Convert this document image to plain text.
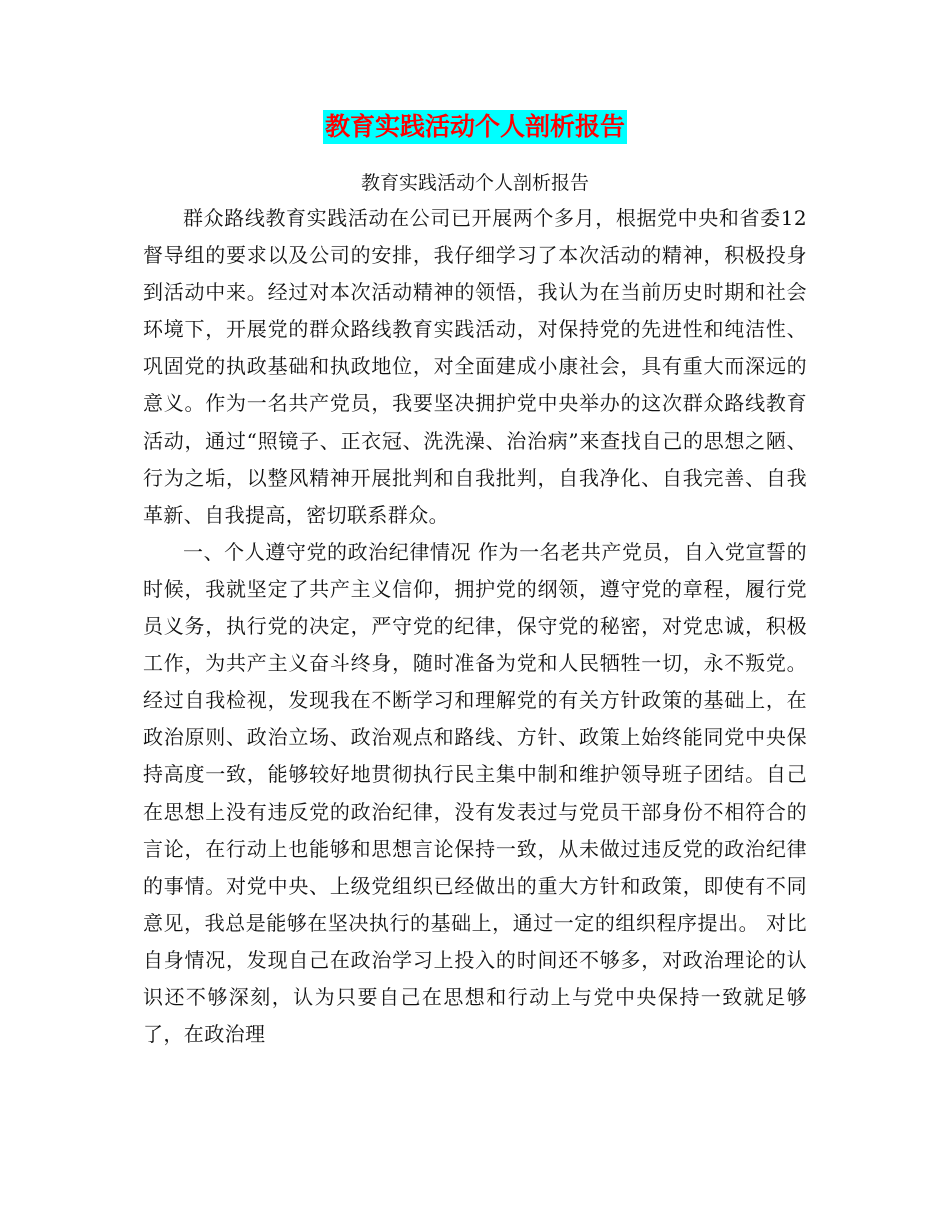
教育实践活动个人剖析报告
教育实践活动个人剖析报告

群众路线教育实践活动在公司已开展两个多月，根据党中央和省委12督导组的要求以及公司的安排，我仔细学习了本次活动的精神，积极投身到活动中来。经过对本次活动精神的领悟，我认为在当前历史时期和社会环境下，开展党的群众路线教育实践活动，对保持党的先进性和纯洁性、巩固党的执政基础和执政地位，对全面建成小康社会，具有重大而深远的意义。作为一名共产党员，我要坚决拥护党中央举办的这次群众路线教育活动，通过“照镜子、正衣冠、洗洗澡、治治病”来查找自己的思想之陋、行为之垢，以整风精神开展批判和自我批判，自我净化、自我完善、自我革新、自我提高，密切联系群众。

一、个人遵守党的政治纪律情况 作为一名老共产党员，自入党宣誓的时候，我就坚定了共产主义信仰，拥护党的纲领，遵守党的章程，履行党员义务，执行党的决定，严守党的纪律，保守党的秘密，对党忠诚，积极工作，为共产主义奋斗终身，随时准备为党和人民牺牲一切，永不叛党。经过自我检视，发现我在不断学习和理解党的有关方针政策的基础上，在政治原则、政治立场、政治观点和路线、方针、政策上始终能同党中央保持高度一致，能够较好地贯彻执行民主集中制和维护领导班子团结。自己在思想上没有违反党的政治纪律，没有发表过与党员干部身份不相符合的言论，在行动上也能够和思想言论保持一致，从未做过违反党的政治纪律的事情。对党中央、上级党组织已经做出的重大方针和政策，即使有不同意见，我总是能够在坚决执行的基础上，通过一定的组织程序提出。 对比自身情况，发现自己在政治学习上投入的时间还不够多，对政治理论的认识还不够深刻，认为只要自己在思想和行动上与党中央保持一致就足够了，在政治理
